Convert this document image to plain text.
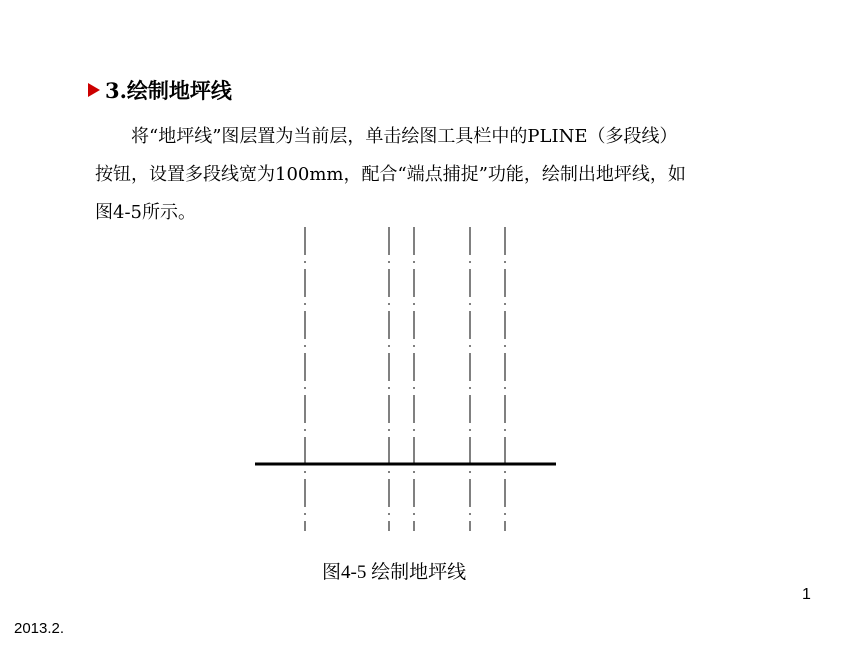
3.绘制地坪线
将“地坪线”图层置为当前层，单击绘图工具栏中的PLINE（多段线）
按钮，设置多段线宽为100mm，配合“端点捕捉”功能，绘制出地坪线，如
图4-5所示。
图4-5 绘制地坪线
1
2013.2.
